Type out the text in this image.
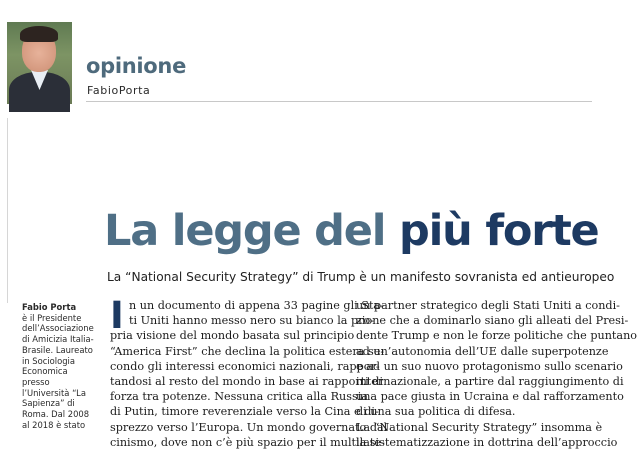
opinione
FabioPorta
La legge del più forte
La “National Security Strategy” di Trump è un manifesto sovranista ed antieuropeo
Fabio Porta
è il Presidente
dell’Associazione
di Amicizia Italia-
Brasile. Laureato
in Sociologia
Economica
presso
l’Università “La
Sapienza” di
Roma. Dal 2008
al 2018 è stato
I n un documento di appena 33 pagine gli Sta-
ti Uniti hanno messo nero su bianco la pro-
pria visione del mondo basata sul principio
“America First” che declina la politica estera se-
condo gli interessi economici nazionali, rappor-
tandosi al resto del mondo in base ai rapporti di
forza tra potenze. Nessuna critica alla Russia
di Putin, timore reverenziale verso la Cina e di-
sprezzo verso l’Europa. Un mondo governato dal
cinismo, dove non c’è più spazio per il multilate-
un partner strategico degli Stati Uniti a condi-
zione che a dominarlo siano gli alleati del Presi-
dente Trump e non le forze politiche che puntano
ad un’autonomia dell’UE dalle superpotenze
e ad un suo nuovo protagonismo sullo scenario
internazionale, a partire dal raggiungimento di
una pace giusta in Ucraina e dal rafforzamento
di una sua politica di difesa.
La “National Security Strategy” insomma è
la sistematizzazione in dottrina dell’approccio
